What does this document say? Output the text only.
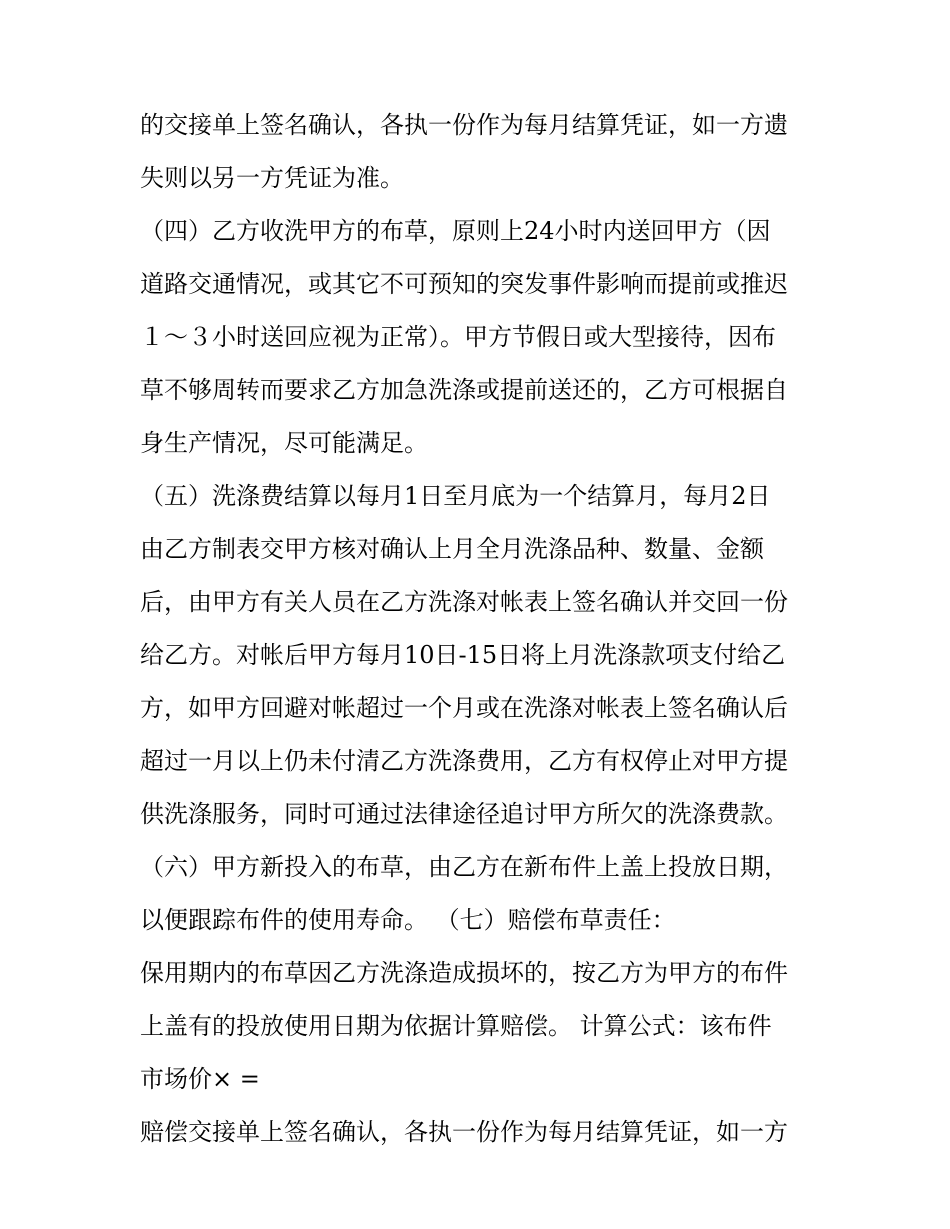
的交接单上签名确认，各执一份作为每月结算凭证，如一方遗
失则以另一方凭证为准。
（四）乙方收洗甲方的布草，原则上24小时内送回甲方（因
道路交通情况，或其它不可预知的突发事件影响而提前或推迟
１～３小时送回应视为正常）。甲方节假日或大型接待，因布
草不够周转而要求乙方加急洗涤或提前送还的，乙方可根据自
身生产情况，尽可能满足。
（五）洗涤费结算以每月1日至月底为一个结算月，每月2日
由乙方制表交甲方核对确认上月全月洗涤品种、数量、金额
后，由甲方有关人员在乙方洗涤对帐表上签名确认并交回一份
给乙方。对帐后甲方每月10日-15日将上月洗涤款项支付给乙
方，如甲方回避对帐超过一个月或在洗涤对帐表上签名确认后
超过一月以上仍未付清乙方洗涤费用，乙方有权停止对甲方提
供洗涤服务，同时可通过法律途径追讨甲方所欠的洗涤费款。
（六）甲方新投入的布草，由乙方在新布件上盖上投放日期，
以便跟踪布件的使用寿命。 （七）赔偿布草责任：
保用期内的布草因乙方洗涤造成损坏的，按乙方为甲方的布件
上盖有的投放使用日期为依据计算赔偿。 计算公式：该布件
市场价× =
赔偿交接单上签名确认，各执一份作为每月结算凭证，如一方
